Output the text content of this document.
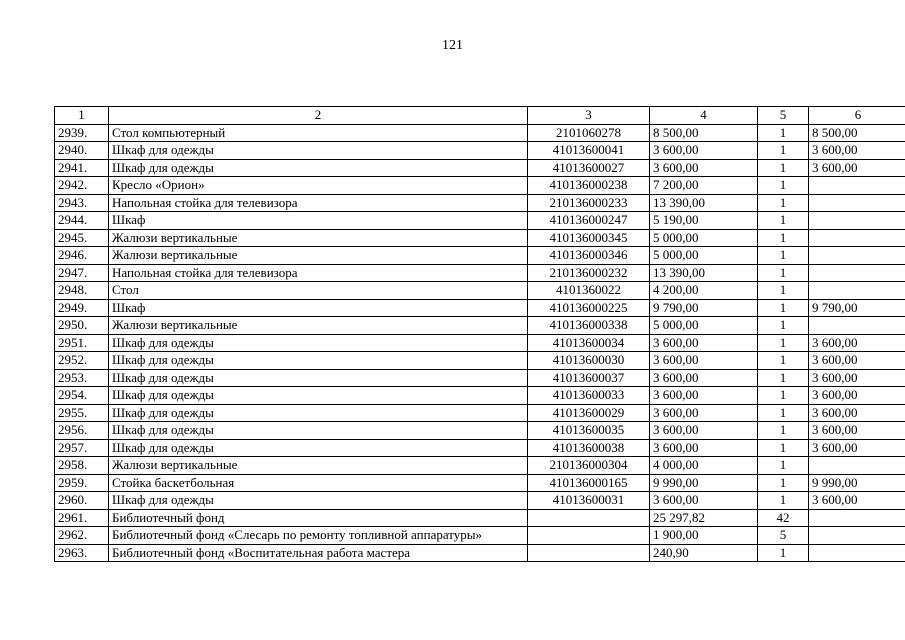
121
1	2	3	4	5	6
2939.	Стол компьютерный	2101060278	8 500,00	1	8 500,00
2940.	Шкаф для одежды	41013600041	3 600,00	1	3 600,00
2941.	Шкаф для одежды	41013600027	3 600,00	1	3 600,00
2942.	Кресло «Орион»	410136000238	7 200,00	1	
2943.	Напольная стойка для телевизора	210136000233	13 390,00	1	
2944.	Шкаф	410136000247	5 190,00	1	
2945.	Жалюзи вертикальные	410136000345	5 000,00	1	
2946.	Жалюзи вертикальные	410136000346	5 000,00	1	
2947.	Напольная стойка для телевизора	210136000232	13 390,00	1	
2948.	Стол	4101360022	4 200,00	1	
2949.	Шкаф	410136000225	9 790,00	1	9 790,00
2950.	Жалюзи вертикальные	410136000338	5 000,00	1	
2951.	Шкаф для одежды	41013600034	3 600,00	1	3 600,00
2952.	Шкаф для одежды	41013600030	3 600,00	1	3 600,00
2953.	Шкаф для одежды	41013600037	3 600,00	1	3 600,00
2954.	Шкаф для одежды	41013600033	3 600,00	1	3 600,00
2955.	Шкаф для одежды	41013600029	3 600,00	1	3 600,00
2956.	Шкаф для одежды	41013600035	3 600,00	1	3 600,00
2957.	Шкаф для одежды	41013600038	3 600,00	1	3 600,00
2958.	Жалюзи вертикальные	210136000304	4 000,00	1	
2959.	Стойка баскетбольная	410136000165	9 990,00	1	9 990,00
2960.	Шкаф для одежды	41013600031	3 600,00	1	3 600,00
2961.	Библиотечный фонд		25 297,82	42	
2962.	Библиотечный фонд «Слесарь по ремонту топливной аппаратуры»		1 900,00	5	
2963.	Библиотечный фонд «Воспитательная работа мастера		240,90	1	
